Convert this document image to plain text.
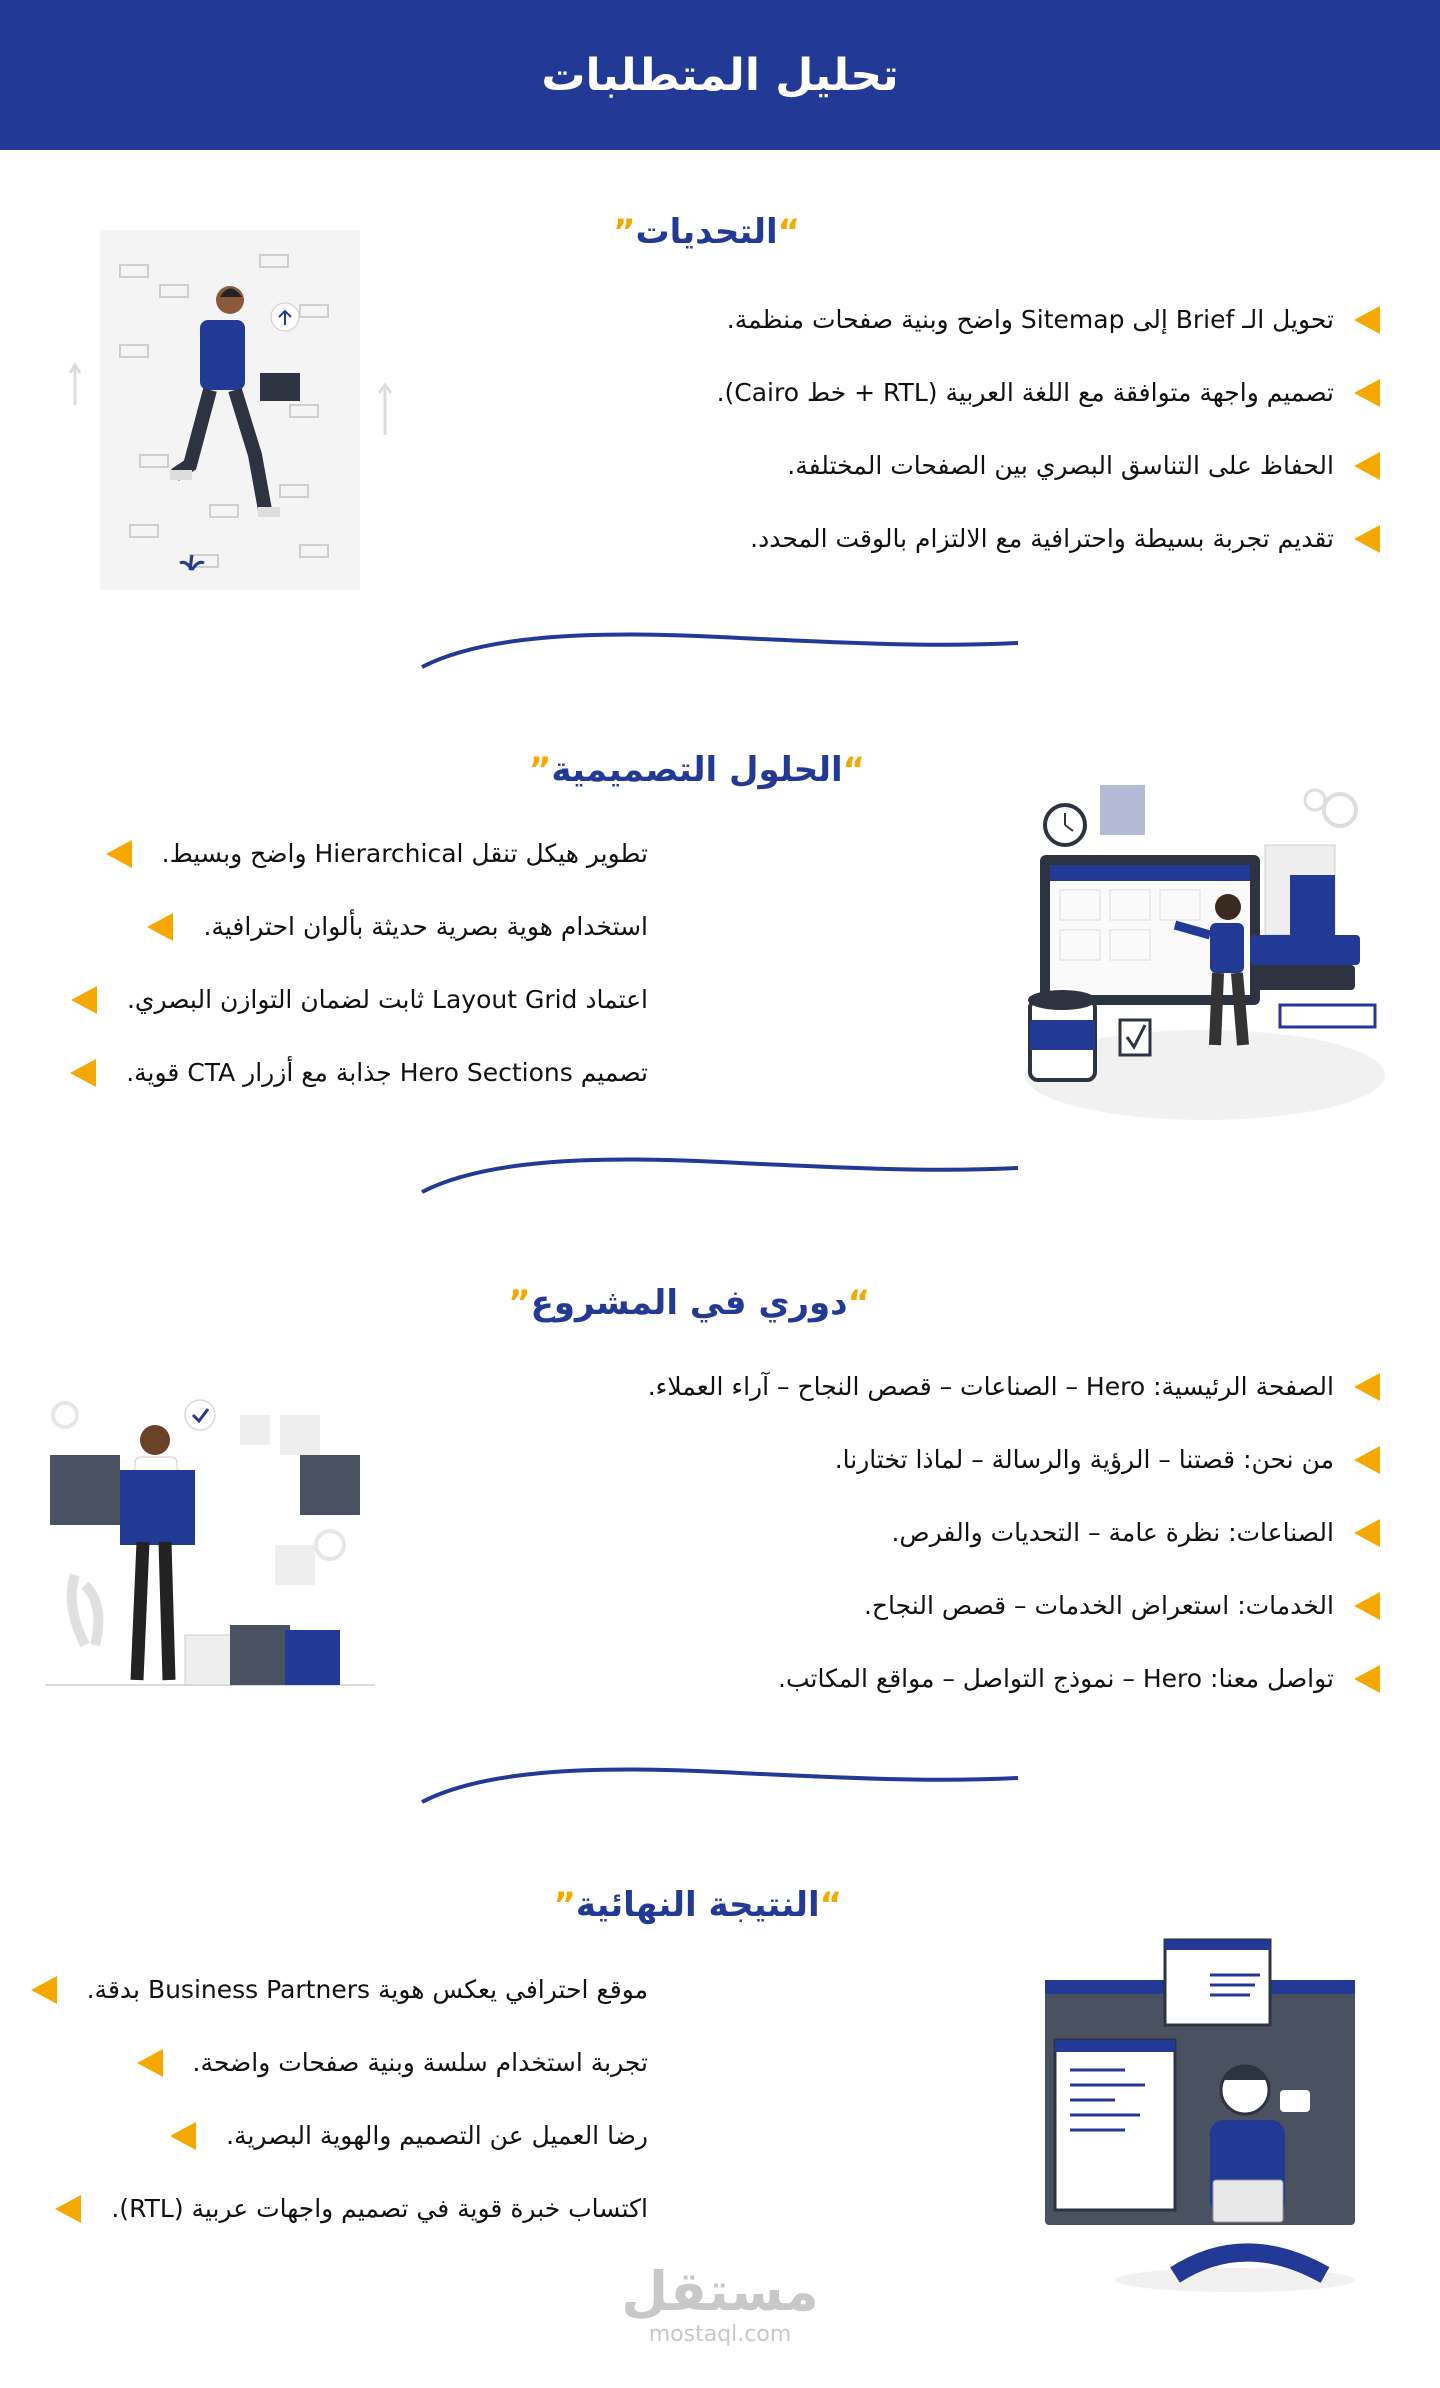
تحليل المتطلبات
“التحديات”
تحويل الـ Brief إلى Sitemap واضح وبنية صفحات منظمة.
تصميم واجهة متوافقة مع اللغة العربية (RTL + خط Cairo).
الحفاظ على التناسق البصري بين الصفحات المختلفة.
تقديم تجربة بسيطة واحترافية مع الالتزام بالوقت المحدد.
“الحلول التصميمية”
تطوير هيكل تنقل Hierarchical واضح وبسيط.
استخدام هوية بصرية حديثة بألوان احترافية.
اعتماد Layout Grid ثابت لضمان التوازن البصري.
تصميم Hero Sections جذابة مع أزرار CTA قوية.
“دوري في المشروع”
الصفحة الرئيسية: Hero – الصناعات – قصص النجاح – آراء العملاء.
من نحن: قصتنا – الرؤية والرسالة – لماذا تختارنا.
الصناعات: نظرة عامة – التحديات والفرص.
الخدمات: استعراض الخدمات – قصص النجاح.
تواصل معنا: Hero – نموذج التواصل – مواقع المكاتب.
“النتيجة النهائية”
موقع احترافي يعكس هوية Business Partners بدقة.
تجربة استخدام سلسة وبنية صفحات واضحة.
رضا العميل عن التصميم والهوية البصرية.
اكتساب خبرة قوية في تصميم واجهات عربية (RTL).
مستقل
mostaql.com
